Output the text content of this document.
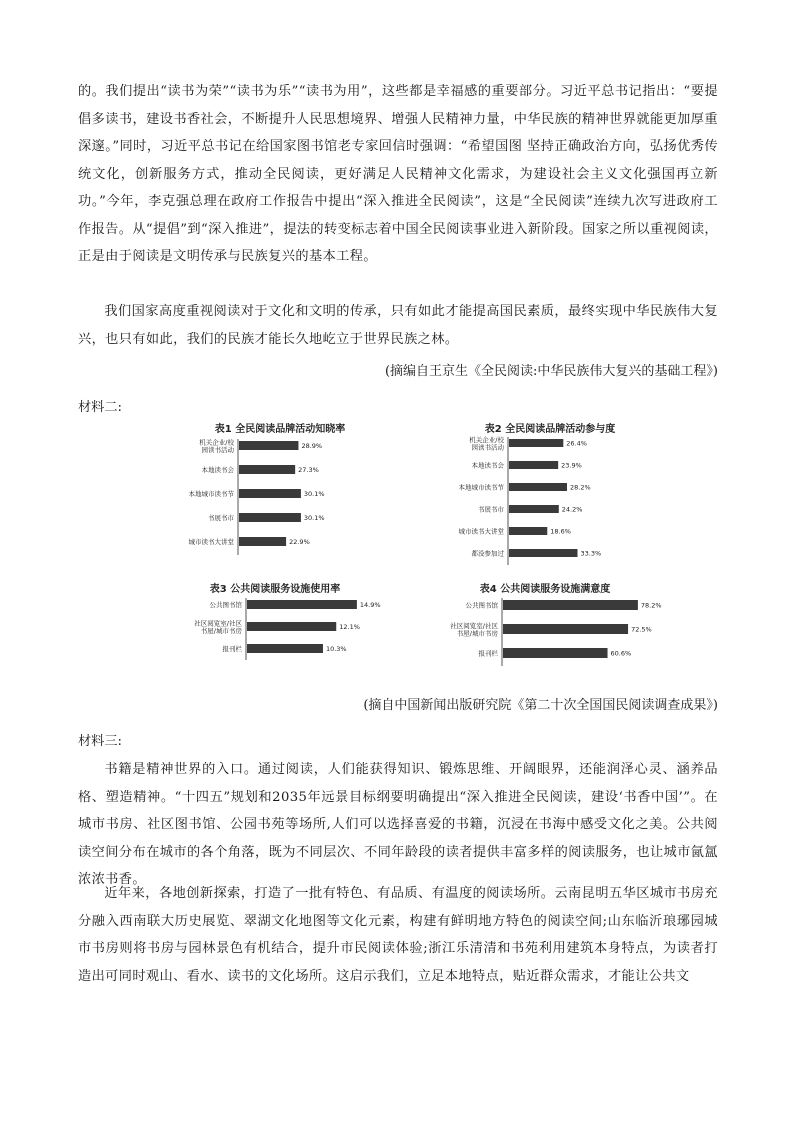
的。我们提出“读书为荣”“读书为乐”“读书为用”，这些都是幸福感的重要部分。习近平总书记指出：“要提倡多读书，建设书香社会，不断提升人民思想境界、增强人民精神力量，中华民族的精神世界就能更加厚重深邃。”同时，习近平总书记在给国家图书馆老专家回信时强调：“希望国图 坚持正确政治方向，弘扬优秀传统文化，创新服务方式，推动全民阅读，更好满足人民精神文化需求，为建设社会主义文化强国再立新功。”今年，李克强总理在政府工作报告中提出“深入推进全民阅读”，这是“全民阅读”连续九次写进政府工作报告。从“提倡”到“深入推进”，提法的转变标志着中国全民阅读事业进入新阶段。国家之所以重视阅读，正是由于阅读是文明传承与民族复兴的基本工程。

我们国家高度重视阅读对于文化和文明的传承，只有如此才能提高国民素质，最终实现中华民族伟大复兴，也只有如此，我们的民族才能长久地屹立于世界民族之林。

(摘编自王京生《全民阅读:中华民族伟大复兴的基础工程》)

材料二:

表1 全民阅读品牌活动知晓率
机关企业/校园读书活动	28.9%
本地读书会	27.3%
本地城市读书节	30.1%
书展书市	30.1%
城市读书大讲堂	22.9%
表2 全民阅读品牌活动参与度
机关企业/校园读书活动	26.4%
本地读书会	23.9%
本地城市读书节	28.2%
书展书市	24.2%
城市读书大讲堂	18.6%
都没参加过	33.3%
表3 公共阅读服务设施使用率
公共图书馆	14.9%
社区阅览室/社区书屋/城市书房	12.1%
报刊栏	10.3%
表4 公共阅读服务设施满意度
公共图书馆	78.2%
社区阅览室/社区书屋/城市书房	72.5%
报刊栏	60.6%

(摘自中国新闻出版研究院《第二十次全国国民阅读调查成果》)

材料三:

书籍是精神世界的入口。通过阅读，人们能获得知识、锻炼思维、开阔眼界，还能润泽心灵、涵养品格、塑造精神。“十四五”规划和2035年远景目标纲要明确提出“深入推进全民阅读，建设‘书香中国’”。在城市书房、社区图书馆、公园书苑等场所,人们可以选择喜爱的书籍，沉浸在书海中感受文化之美。公共阅读空间分布在城市的各个角落，既为不同层次、不同年龄段的读者提供丰富多样的阅读服务，也让城市氤氲浓浓书香。

近年来，各地创新探索，打造了一批有特色、有品质、有温度的阅读场所。云南昆明五华区城市书房充分融入西南联大历史展览、翠湖文化地图等文化元素，构建有鲜明地方特色的阅读空间;山东临沂琅琊园城市书房则将书房与园林景色有机结合，提升市民阅读体验;浙江乐清清和书苑利用建筑本身特点，为读者打造出可同时观山、看水、读书的文化场所。这启示我们，立足本地特点，贴近群众需求，才能让公共文
